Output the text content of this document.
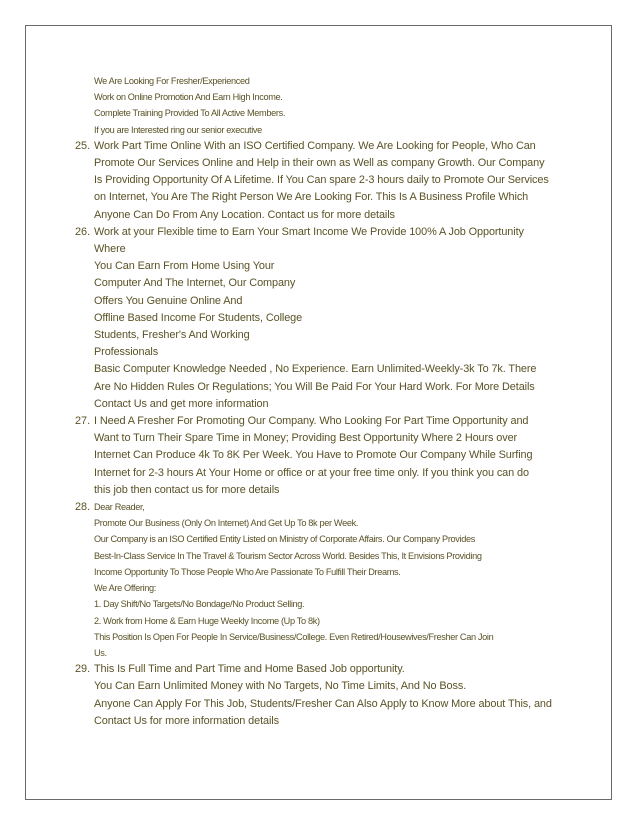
We Are Looking For Fresher/Experienced
Work on Online Promotion And Earn High Income.
Complete Training Provided To All Active Members.
If you are Interested ring our senior executive
25. Work Part Time Online With an ISO Certified Company. We Are Looking for People, Who Can
Promote Our Services Online and Help in their own as Well as company Growth. Our Company
Is Providing Opportunity Of A Lifetime. If You Can spare 2-3 hours daily to Promote Our Services
on Internet, You Are The Right Person We Are Looking For. This Is A Business Profile Which
Anyone Can Do From Any Location. Contact us for more details
26. Work at your Flexible time to Earn Your Smart Income We Provide 100% A Job Opportunity
Where
You Can Earn From Home Using Your
Computer And The Internet, Our Company
Offers You Genuine Online And
Offline Based Income For Students, College
Students, Fresher's And Working
Professionals
Basic Computer Knowledge Needed , No Experience. Earn Unlimited-Weekly-3k To 7k. There
Are No Hidden Rules Or Regulations; You Will Be Paid For Your Hard Work. For More Details
Contact Us and get more information
27. I Need A Fresher For Promoting Our Company. Who Looking For Part Time Opportunity and
Want to Turn Their Spare Time in Money; Providing Best Opportunity Where 2 Hours over
Internet Can Produce 4k To 8K Per Week. You Have to Promote Our Company While Surfing
Internet for 2-3 hours At Your Home or office or at your free time only. If you think you can do
this job then contact us for more details
28. Dear Reader,
Promote Our Business (Only On Internet) And Get Up To 8k per Week.
Our Company is an ISO Certified Entity Listed on Ministry of Corporate Affairs. Our Company Provides
Best-In-Class Service In The Travel & Tourism Sector Across World. Besides This, It Envisions Providing
Income Opportunity To Those People Who Are Passionate To Fulfill Their Dreams.
We Are Offering:
1. Day Shift/No Targets/No Bondage/No Product Selling.
2. Work from Home & Earn Huge Weekly Income (Up To 8k)
This Position Is Open For People In Service/Business/College. Even Retired/Housewives/Fresher Can Join
Us.
29. This Is Full Time and Part Time and Home Based Job opportunity.
You Can Earn Unlimited Money with No Targets, No Time Limits, And No Boss.
Anyone Can Apply For This Job, Students/Fresher Can Also Apply to Know More about This, and
Contact Us for more information details
